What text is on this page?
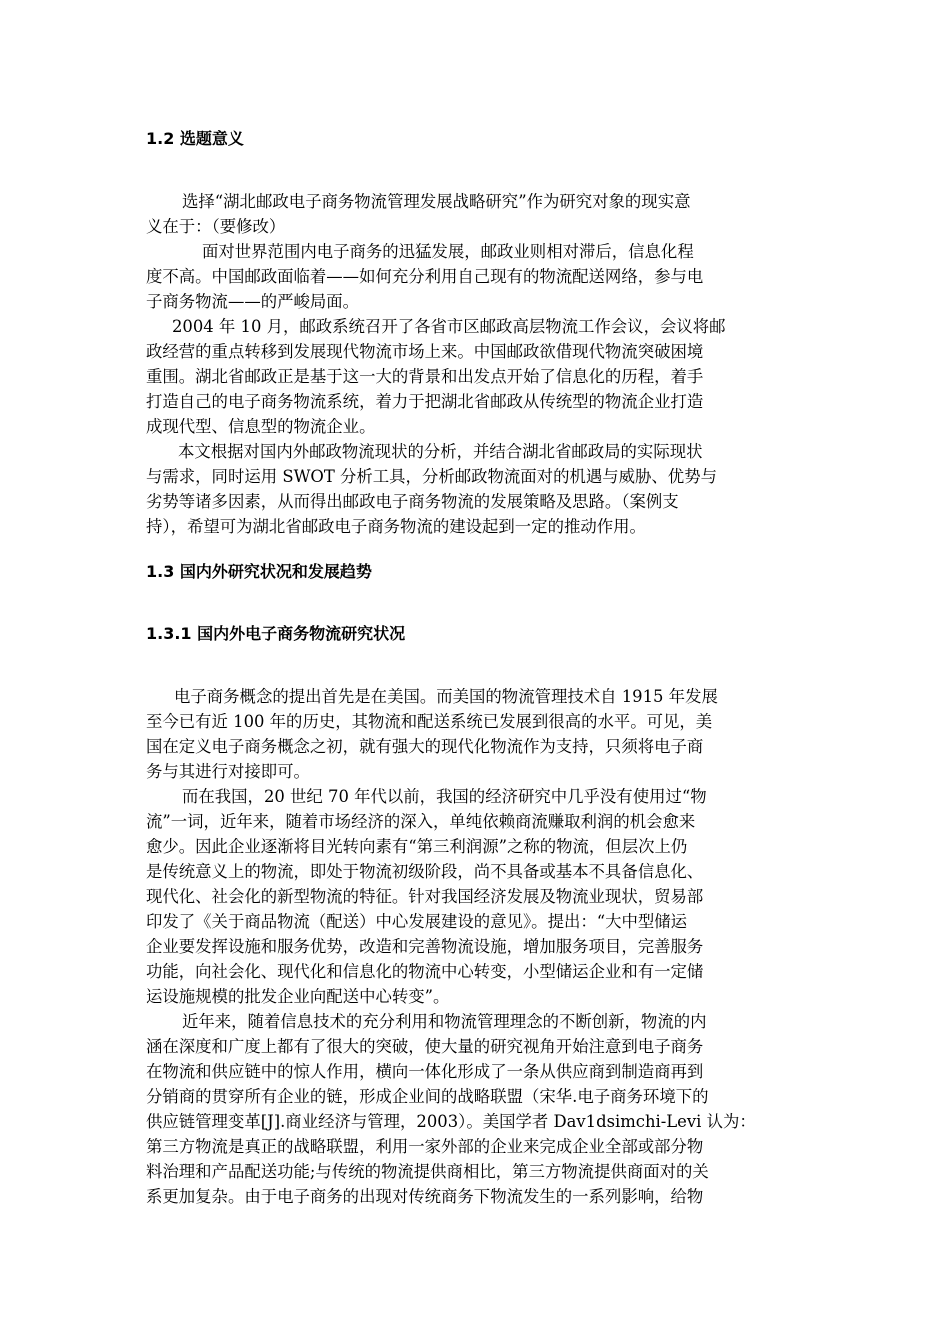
1.2 选题意义
选择“湖北邮政电子商务物流管理发展战略研究”作为研究对象的现实意
义在于：（要修改）
面对世界范围内电子商务的迅猛发展，邮政业则相对滞后，信息化程
度不高。中国邮政面临着——如何充分利用自己现有的物流配送网络，参与电
子商务物流——的严峻局面。
2004 年 10 月，邮政系统召开了各省市区邮政高层物流工作会议，会议将邮
政经营的重点转移到发展现代物流市场上来。中国邮政欲借现代物流突破困境
重围。湖北省邮政正是基于这一大的背景和出发点开始了信息化的历程，着手
打造自己的电子商务物流系统，着力于把湖北省邮政从传统型的物流企业打造
成现代型、信息型的物流企业。
本文根据对国内外邮政物流现状的分析，并结合湖北省邮政局的实际现状
与需求，同时运用 SWOT 分析工具，分析邮政物流面对的机遇与威胁、优势与
劣势等诸多因素，从而得出邮政电子商务物流的发展策略及思路。（案例支
持），希望可为湖北省邮政电子商务物流的建设起到一定的推动作用。
1.3 国内外研究状况和发展趋势
1.3.1 国内外电子商务物流研究状况
电子商务概念的提出首先是在美国。而美国的物流管理技术自 1915 年发展
至今已有近 100 年的历史，其物流和配送系统已发展到很高的水平。可见，美
国在定义电子商务概念之初，就有强大的现代化物流作为支持，只须将电子商
务与其进行对接即可。
而在我国，20 世纪 70 年代以前，我国的经济研究中几乎没有使用过“物
流”一词，近年来，随着市场经济的深入，单纯依赖商流赚取利润的机会愈来
愈少。因此企业逐渐将目光转向素有“第三利润源”之称的物流，但层次上仍
是传统意义上的物流，即处于物流初级阶段，尚不具备或基本不具备信息化、
现代化、社会化的新型物流的特征。针对我国经济发展及物流业现状，贸易部
印发了《关于商品物流（配送）中心发展建设的意见》。提出：“大中型储运
企业要发挥设施和服务优势，改造和完善物流设施，增加服务项目，完善服务
功能，向社会化、现代化和信息化的物流中心转变，小型储运企业和有一定储
运设施规模的批发企业向配送中心转变”。
近年来，随着信息技术的充分利用和物流管理理念的不断创新，物流的内
涵在深度和广度上都有了很大的突破，使大量的研究视角开始注意到电子商务
在物流和供应链中的惊人作用，横向一体化形成了一条从供应商到制造商再到
分销商的贯穿所有企业的链，形成企业间的战略联盟（宋华.电子商务环境下的
供应链管理变革[J].商业经济与管理，2003）。美国学者 Dav1dsimchi-Levi 认为：
第三方物流是真正的战略联盟，利用一家外部的企业来完成企业全部或部分物
料治理和产品配送功能;与传统的物流提供商相比，第三方物流提供商面对的关
系更加复杂。由于电子商务的出现对传统商务下物流发生的一系列影响，给物
